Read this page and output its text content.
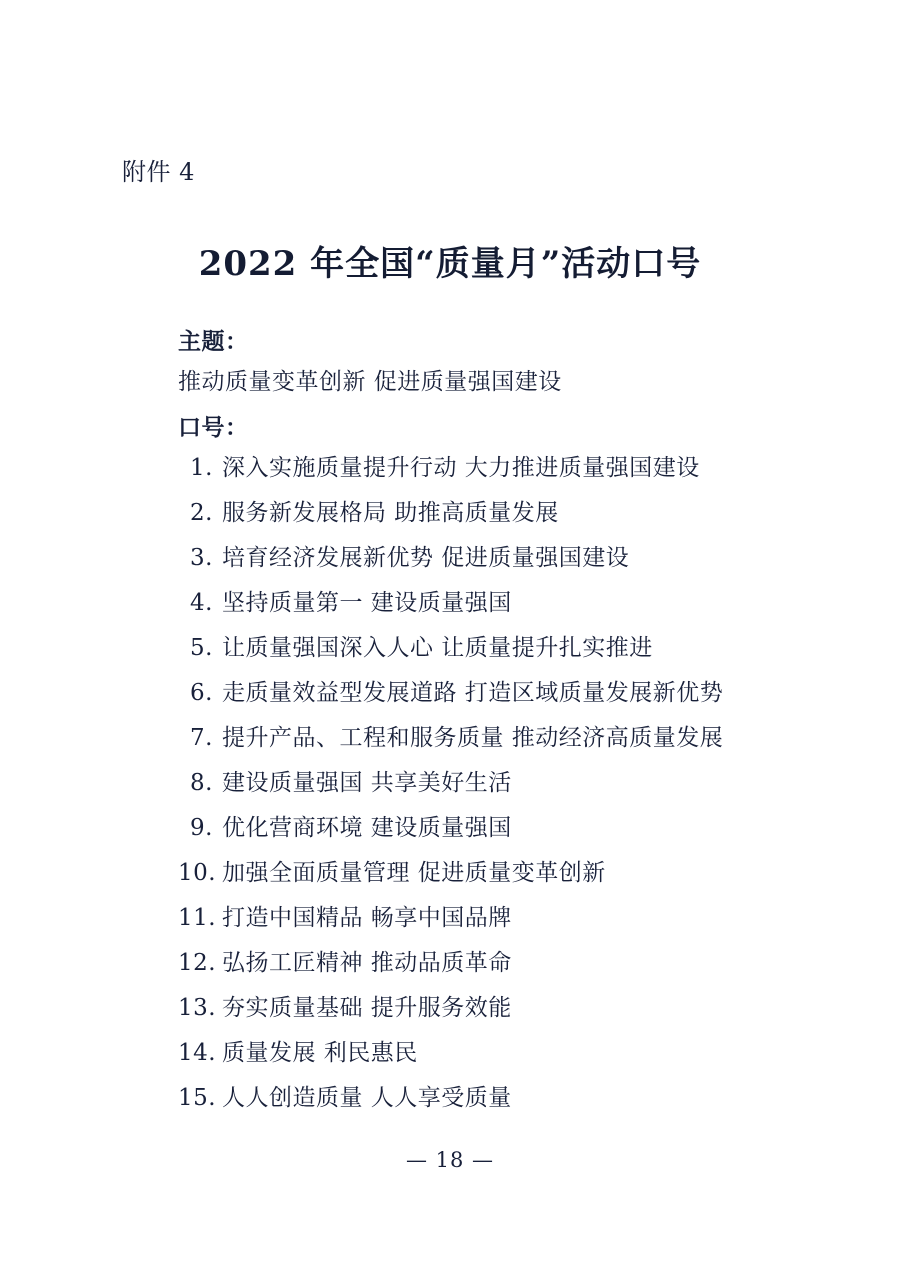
附件 4
2022 年全国“质量月”活动口号

主题：

推动质量变革创新 促进质量强国建设

口号：

1. 深入实施质量提升行动 大力推进质量强国建设
2. 服务新发展格局 助推高质量发展
3. 培育经济发展新优势 促进质量强国建设
4. 坚持质量第一 建设质量强国
5. 让质量强国深入人心 让质量提升扎实推进
6. 走质量效益型发展道路 打造区域质量发展新优势
7. 提升产品、工程和服务质量 推动经济高质量发展
8. 建设质量强国 共享美好生活
9. 优化营商环境 建设质量强国
10. 加强全面质量管理 促进质量变革创新
11. 打造中国精品 畅享中国品牌
12. 弘扬工匠精神 推动品质革命
13. 夯实质量基础 提升服务效能
14. 质量发展 利民惠民
15. 人人创造质量 人人享受质量
— 18 —
